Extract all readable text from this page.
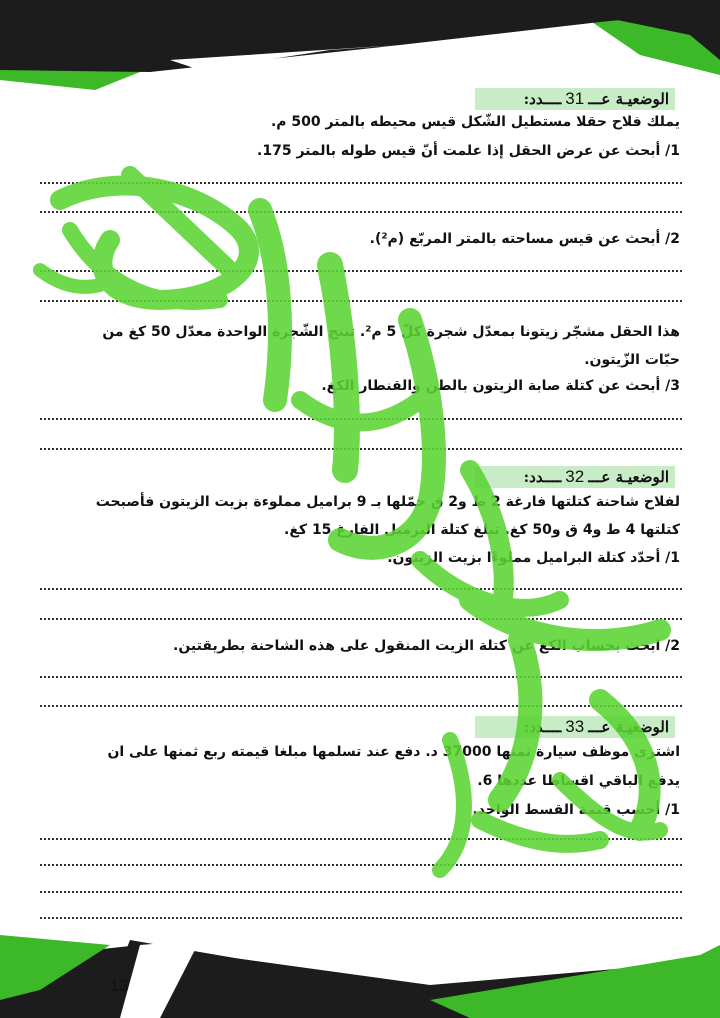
الوضعيـة عـــ31ــــدد:
يملك فلاح حقلا مستطيل الشّكل قيس محيطه بالمتر 500 م.
1/ أبحث عن عرض الحقل إذا علمت أنّ قيس طوله بالمتر 175.
2/ أبحث عن قيس مساحته بالمتر المربّع (م²).
هذا الحقل مشجّر زيتونا بمعدّل شجرة كلّ 5 م². تنتج الشّجرة الواحدة معدّل 50 كغ من
حبّات الزّيتون.
3/ أبحث عن كتلة صابة الزيتون بالطن والقنطار الكغ.
الوضعيـة عـــ32ــــدد:
لفلاح شاحنة كتلتها فارغة 2 ط و2 ق حمّلها بـ 9 براميل مملوءة بزيت الزيتون فأصبحت
كتلتها 4 ط و4 ق و50 كغ. تبلغ كتلة البرميل الفارغ 15 كغ.
1/ أحدّد كتلة البراميل مملوءًا بزيت الزيتون.
2/ ابحث بحساب الكغ عن كتلة الزيت المنقول على هذه الشاحنة بطريقتين.
الوضعيـة عـــ33ــــدد:
اشترى موظف سيارة ثمنها 37000 د. دفع عند تسلمها مبلغا قيمته ربع ثمنها على ان
يدفع الباقي اقساطا عددها 6.
1/ أحسب قيمة القسط الواحد.
13
